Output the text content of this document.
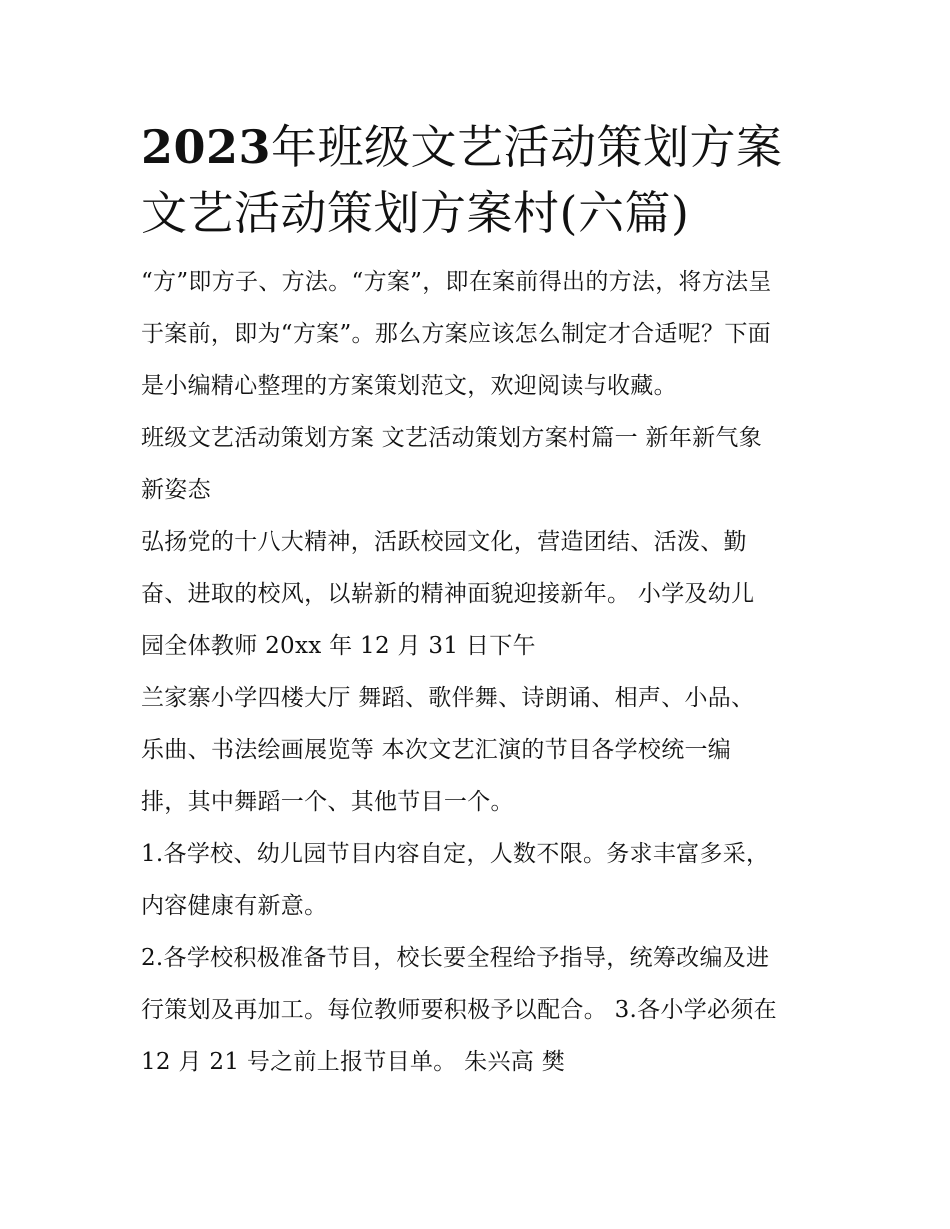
2023年班级文艺活动策划方案
文艺活动策划方案村(六篇)

“方”即方子、方法。“方案”，即在案前得出的方法，将方法呈
于案前，即为“方案”。那么方案应该怎么制定才合适呢？下面
是小编精心整理的方案策划范文，欢迎阅读与收藏。

班级文艺活动策划方案 文艺活动策划方案村篇一 新年新气象
新姿态

弘扬党的十八大精神，活跃校园文化，营造团结、活泼、勤
奋、进取的校风，以崭新的精神面貌迎接新年。 小学及幼儿
园全体教师 20xx 年 12 月 31 日下午

兰家寨小学四楼大厅 舞蹈、歌伴舞、诗朗诵、相声、小品、
乐曲、书法绘画展览等 本次文艺汇演的节目各学校统一编
排，其中舞蹈一个、其他节目一个。

1.各学校、幼儿园节目内容自定，人数不限。务求丰富多采，
内容健康有新意。

2.各学校积极准备节目，校长要全程给予指导，统筹改编及进
行策划及再加工。每位教师要积极予以配合。 3.各小学必须在
12 月 21 号之前上报节目单。 朱兴高 樊
